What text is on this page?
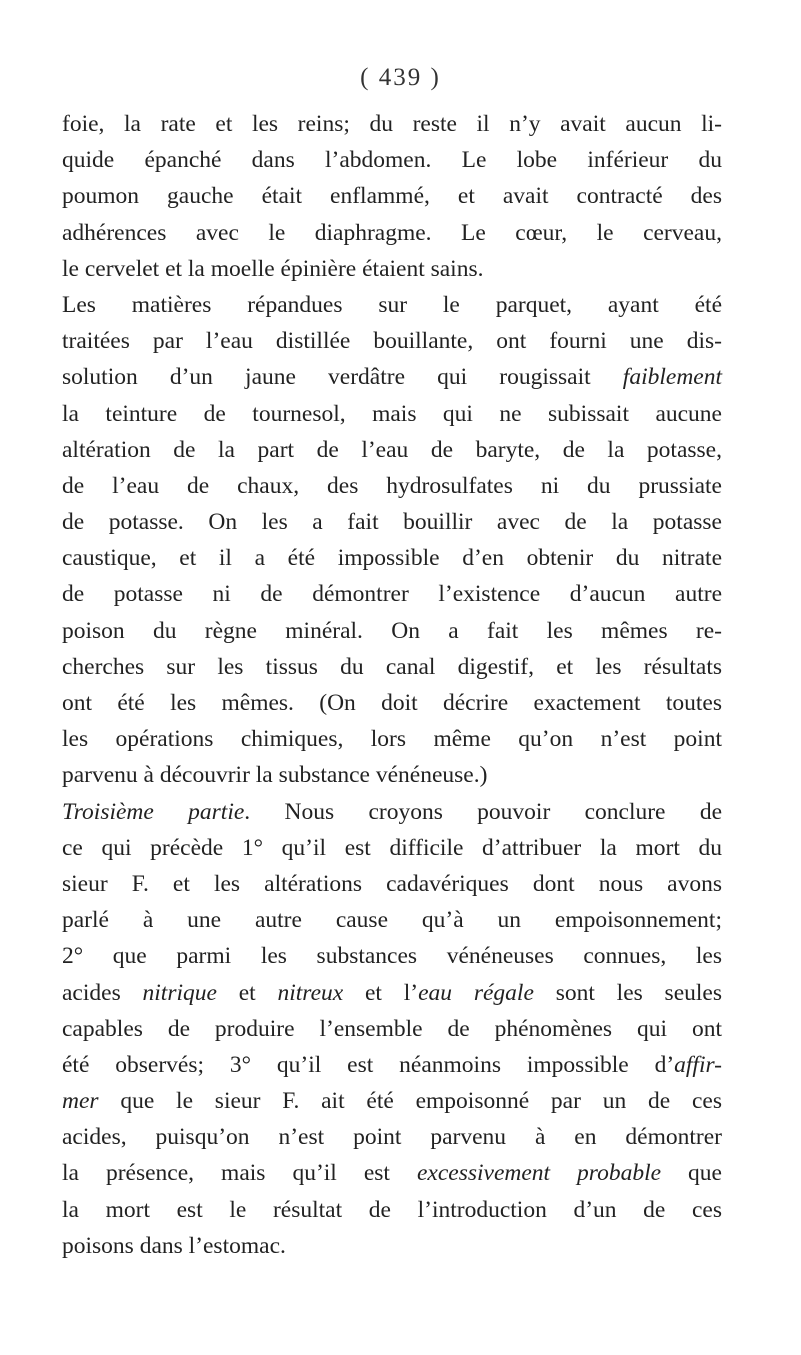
( 439 )
foie, la rate et les reins; du reste il n’y avait aucun li-
quide épanché dans l’abdomen. Le lobe inférieur du
poumon gauche était enflammé, et avait contracté des
adhérences avec le diaphragme. Le cœur, le cerveau,
le cervelet et la moelle épinière étaient sains.
Les matières répandues sur le parquet, ayant été
traitées par l’eau distillée bouillante, ont fourni une dis-
solution d’un jaune verdâtre qui rougissait faiblement
la teinture de tournesol, mais qui ne subissait aucune
altération de la part de l’eau de baryte, de la potasse,
de l’eau de chaux, des hydrosulfates ni du prussiate
de potasse. On les a fait bouillir avec de la potasse
caustique, et il a été impossible d’en obtenir du nitrate
de potasse ni de démontrer l’existence d’aucun autre
poison du règne minéral. On a fait les mêmes re-
cherches sur les tissus du canal digestif, et les résultats
ont été les mêmes. (On doit décrire exactement toutes
les opérations chimiques, lors même qu’on n’est point
parvenu à découvrir la substance vénéneuse.)
Troisième partie. Nous croyons pouvoir conclure de
ce qui précède 1° qu’il est difficile d’attribuer la mort du
sieur F. et les altérations cadavériques dont nous avons
parlé à une autre cause qu’à un empoisonnement;
2° que parmi les substances vénéneuses connues, les
acides nitrique et nitreux et l’eau régale sont les seules
capables de produire l’ensemble de phénomènes qui ont
été observés; 3° qu’il est néanmoins impossible d’affir-
mer que le sieur F. ait été empoisonné par un de ces
acides, puisqu’on n’est point parvenu à en démontrer
la présence, mais qu’il est excessivement probable que
la mort est le résultat de l’introduction d’un de ces
poisons dans l’estomac.
